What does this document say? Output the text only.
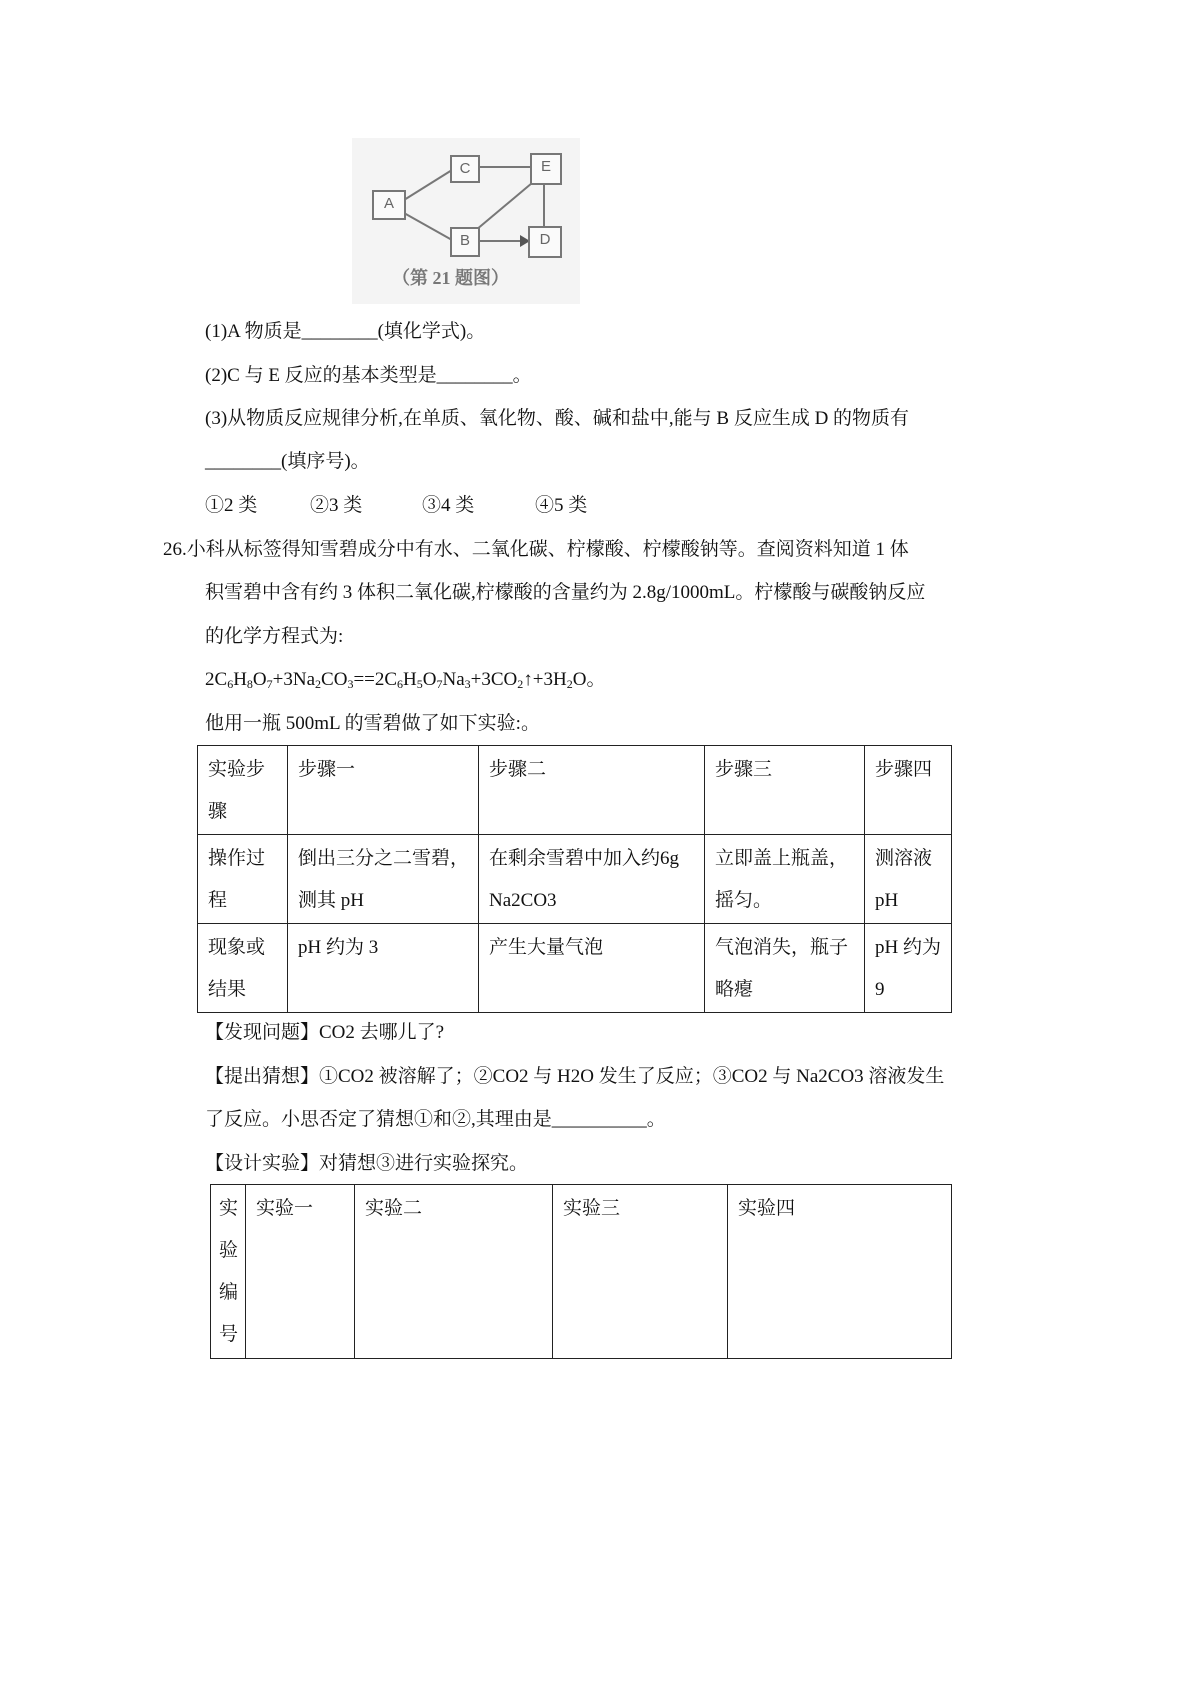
A
C	E
B	D
（第 21 题图）
(1)A 物质是________(填化学式)。
(2)C 与 E 反应的基本类型是________。
(3)从物质反应规律分析,在单质、氧化物、酸、碱和盐中,能与 B 反应生成 D 的物质有
________(填序号)。
①2 类	②3 类	③4 类	④5 类
26.小科从标签得知雪碧成分中有水、二氧化碳、柠檬酸、柠檬酸钠等。查阅资料知道 1 体
积雪碧中含有约 3 体积二氧化碳,柠檬酸的含量约为 2.8g/1000mL。柠檬酸与碳酸钠反应
的化学方程式为:
$2C_6H_8O_7+3Na_2CO_3==2C_6H_5O_7Na_3+3CO_2↑+3H_2O$。
他用一瓶 500mL 的雪碧做了如下实验:。
实验步骤	步骤一	步骤二	步骤三	步骤四
操作过程	倒出三分之二雪碧，测其 pH	在剩余雪碧中加入约6g Na2CO3	立即盖上瓶盖，摇匀。	测溶液pH
现象或结果	pH 约为 3	产生大量气泡	气泡消失，瓶子略瘪	pH 约为9
【发现问题】CO2 去哪儿了?
【提出猜想】①CO2 被溶解了；②CO2 与 H2O 发生了反应；③CO2 与 Na2CO3 溶液发生
了反应。小思否定了猜想①和②,其理由是__________。
【设计实验】对猜想③进行实验探究。
实验编号	实验一	实验二	实验三	实验四
